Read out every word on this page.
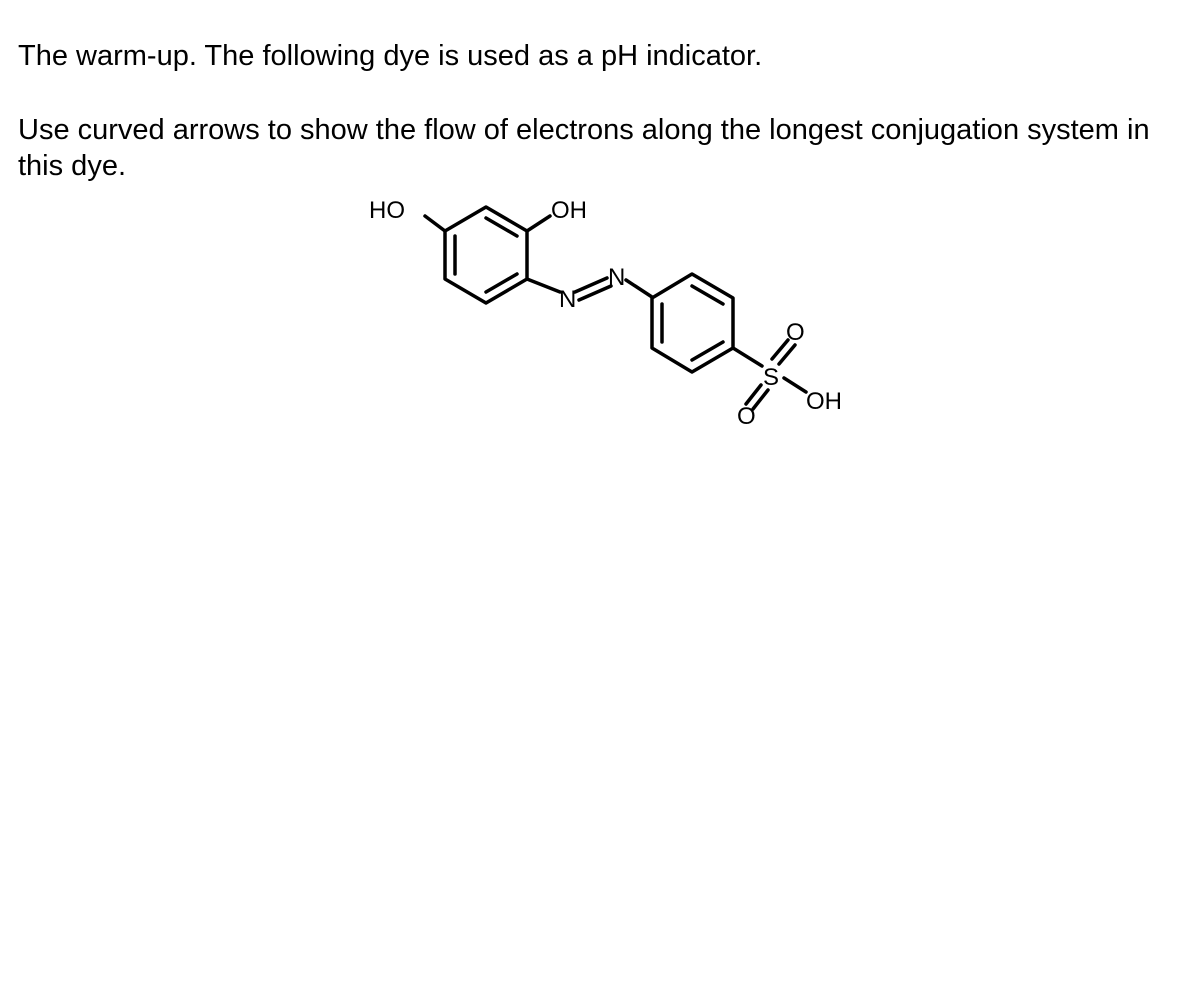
The warm-up. The following dye is used as a pH indicator.

Use curved arrows to show the flow of electrons along the longest conjugation system in this dye.

HO	OH
N
N
S
O
O
OH
